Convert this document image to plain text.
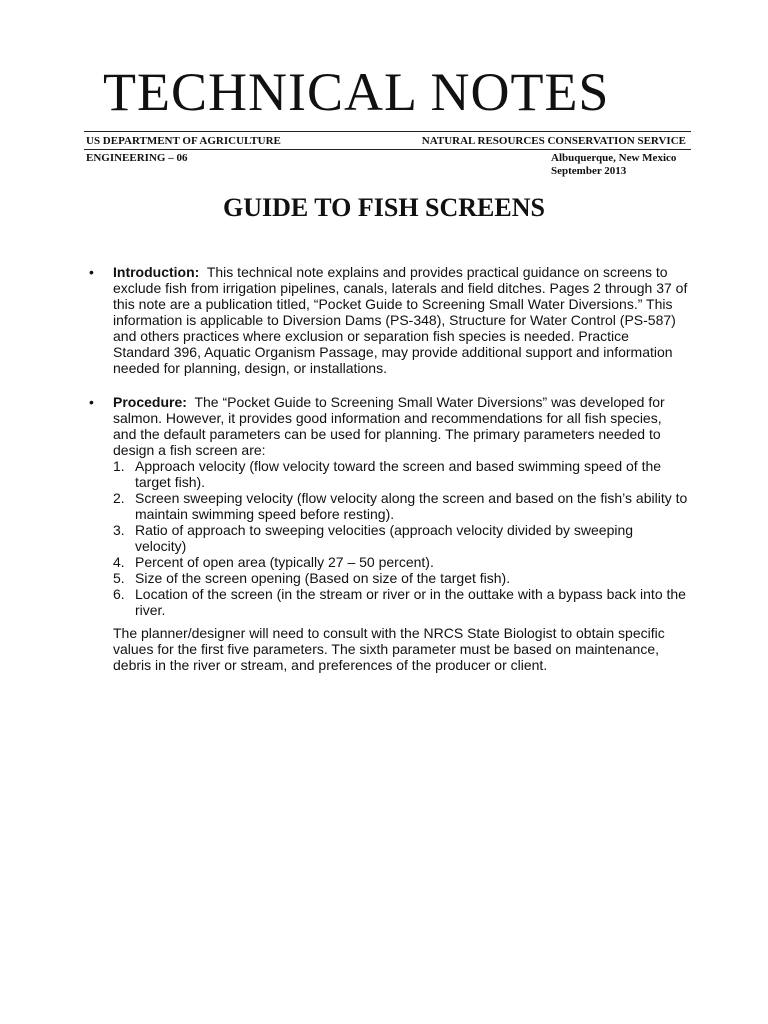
TECHNICAL NOTES
US DEPARTMENT OF AGRICULTURE	NATURAL RESOURCES CONSERVATION SERVICE
ENGINEERING – 06	Albuquerque, New Mexico
September 2013
GUIDE TO FISH SCREENS
• Introduction: This technical note explains and provides practical guidance on screens to exclude fish from irrigation pipelines, canals, laterals and field ditches. Pages 2 through 37 of this note are a publication titled, “Pocket Guide to Screening Small Water Diversions.” This information is applicable to Diversion Dams (PS-348), Structure for Water Control (PS-587) and others practices where exclusion or separation fish species is needed. Practice Standard 396, Aquatic Organism Passage, may provide additional support and information needed for planning, design, or installations.
• Procedure: The “Pocket Guide to Screening Small Water Diversions” was developed for salmon. However, it provides good information and recommendations for all fish species, and the default parameters can be used for planning. The primary parameters needed to design a fish screen are:
1. Approach velocity (flow velocity toward the screen and based swimming speed of the target fish).
2. Screen sweeping velocity (flow velocity along the screen and based on the fish’s ability to maintain swimming speed before resting).
3. Ratio of approach to sweeping velocities (approach velocity divided by sweeping velocity)
4. Percent of open area (typically 27 – 50 percent).
5. Size of the screen opening (Based on size of the target fish).
6. Location of the screen (in the stream or river or in the outtake with a bypass back into the river.
The planner/designer will need to consult with the NRCS State Biologist to obtain specific values for the first five parameters. The sixth parameter must be based on maintenance, debris in the river or stream, and preferences of the producer or client.
